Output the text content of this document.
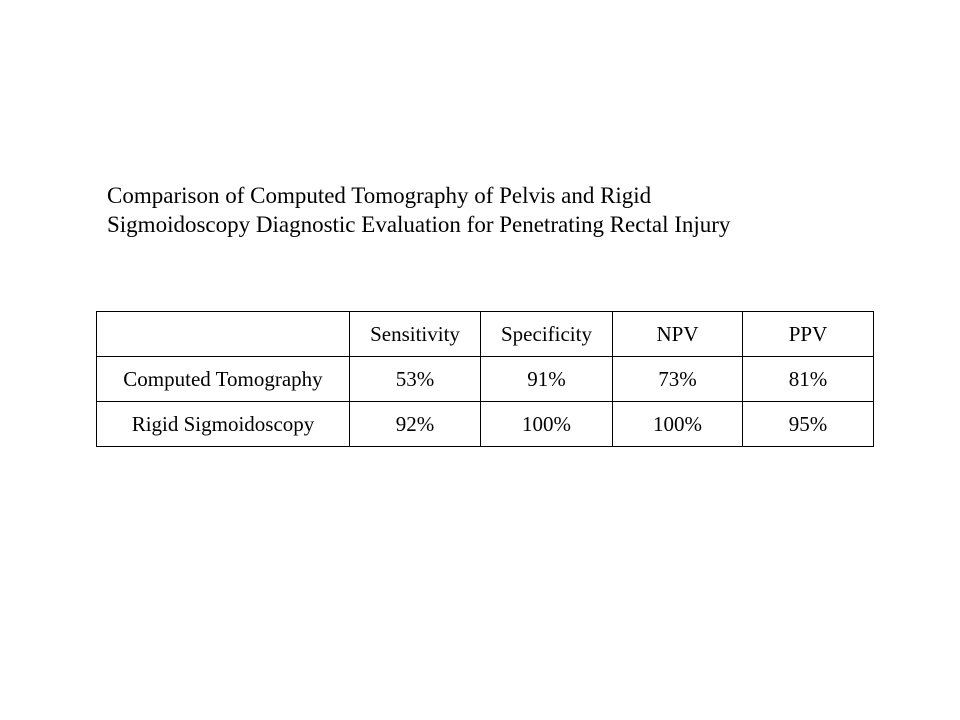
Comparison of Computed Tomography of Pelvis and Rigid
Sigmoidoscopy Diagnostic Evaluation for Penetrating Rectal Injury
	Sensitivity	Specificity	NPV	PPV
Computed Tomography	53%	91%	73%	81%
Rigid Sigmoidoscopy	92%	100%	100%	95%
